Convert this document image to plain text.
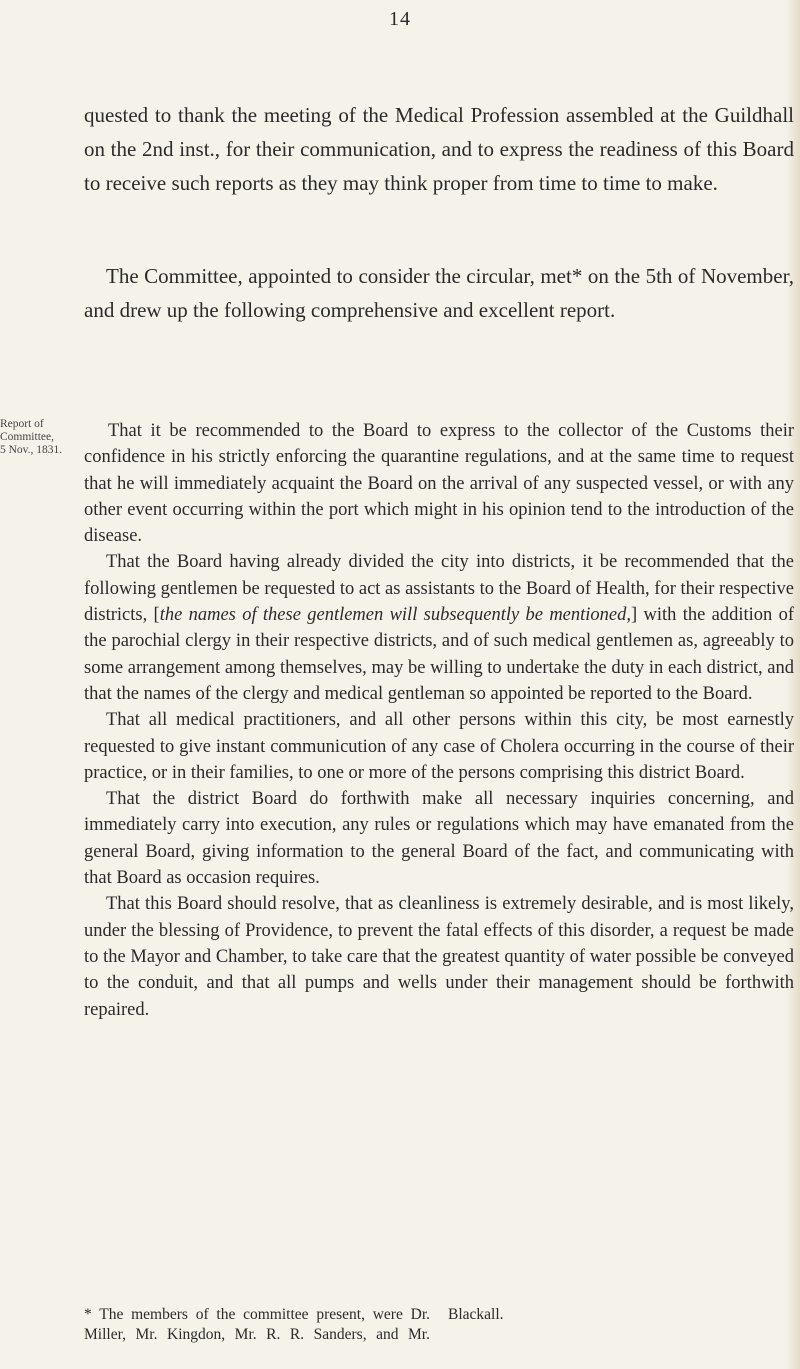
14

quested to thank the meeting of the Medical Profession assembled at the Guildhall on the 2nd inst., for their communication, and to express the readiness of this Board to receive such reports as they may think proper from time to time to make.

The Committee, appointed to consider the circular, met* on the 5th of November, and drew up the following comprehensive and excellent report.

Report of
Committee,
5 Nov., 1831.

That it be recommended to the Board to express to the collector of the Customs their confidence in his strictly enforcing the quarantine regulations, and at the same time to request that he will immediately acquaint the Board on the arrival of any suspected vessel, or with any other event occurring within the port which might in his opinion tend to the introduction of the disease.

That the Board having already divided the city into districts, it be recommended that the following gentlemen be requested to act as assistants to the Board of Health, for their respective districts, [the names of these gentlemen will subsequently be mentioned,] with the addition of the parochial clergy in their respective districts, and of such medical gentlemen as, agreeably to some arrangement among themselves, may be willing to undertake the duty in each district, and that the names of the clergy and medical gentleman so appointed be reported to the Board.

That all medical practitioners, and all other persons within this city, be most earnestly requested to give instant communicution of any case of Cholera occurring in the course of their practice, or in their families, to one or more of the persons comprising this district Board.

That the district Board do forthwith make all necessary inquiries concerning, and immediately carry into execution, any rules or regulations which may have emanated from the general Board, giving information to the general Board of the fact, and communicating with that Board as occasion requires.

That this Board should resolve, that as cleanliness is extremely desirable, and is most likely, under the blessing of Providence, to prevent the fatal effects of this disorder, a request be made to the Mayor and Chamber, to take care that the greatest quantity of water possible be conveyed to the conduit, and that all pumps and wells under their management should be forthwith repaired.

* The members of the committee present, were Dr. Miller, Mr. Kingdon, Mr. R. R. Sanders, and Mr. Blackall.
